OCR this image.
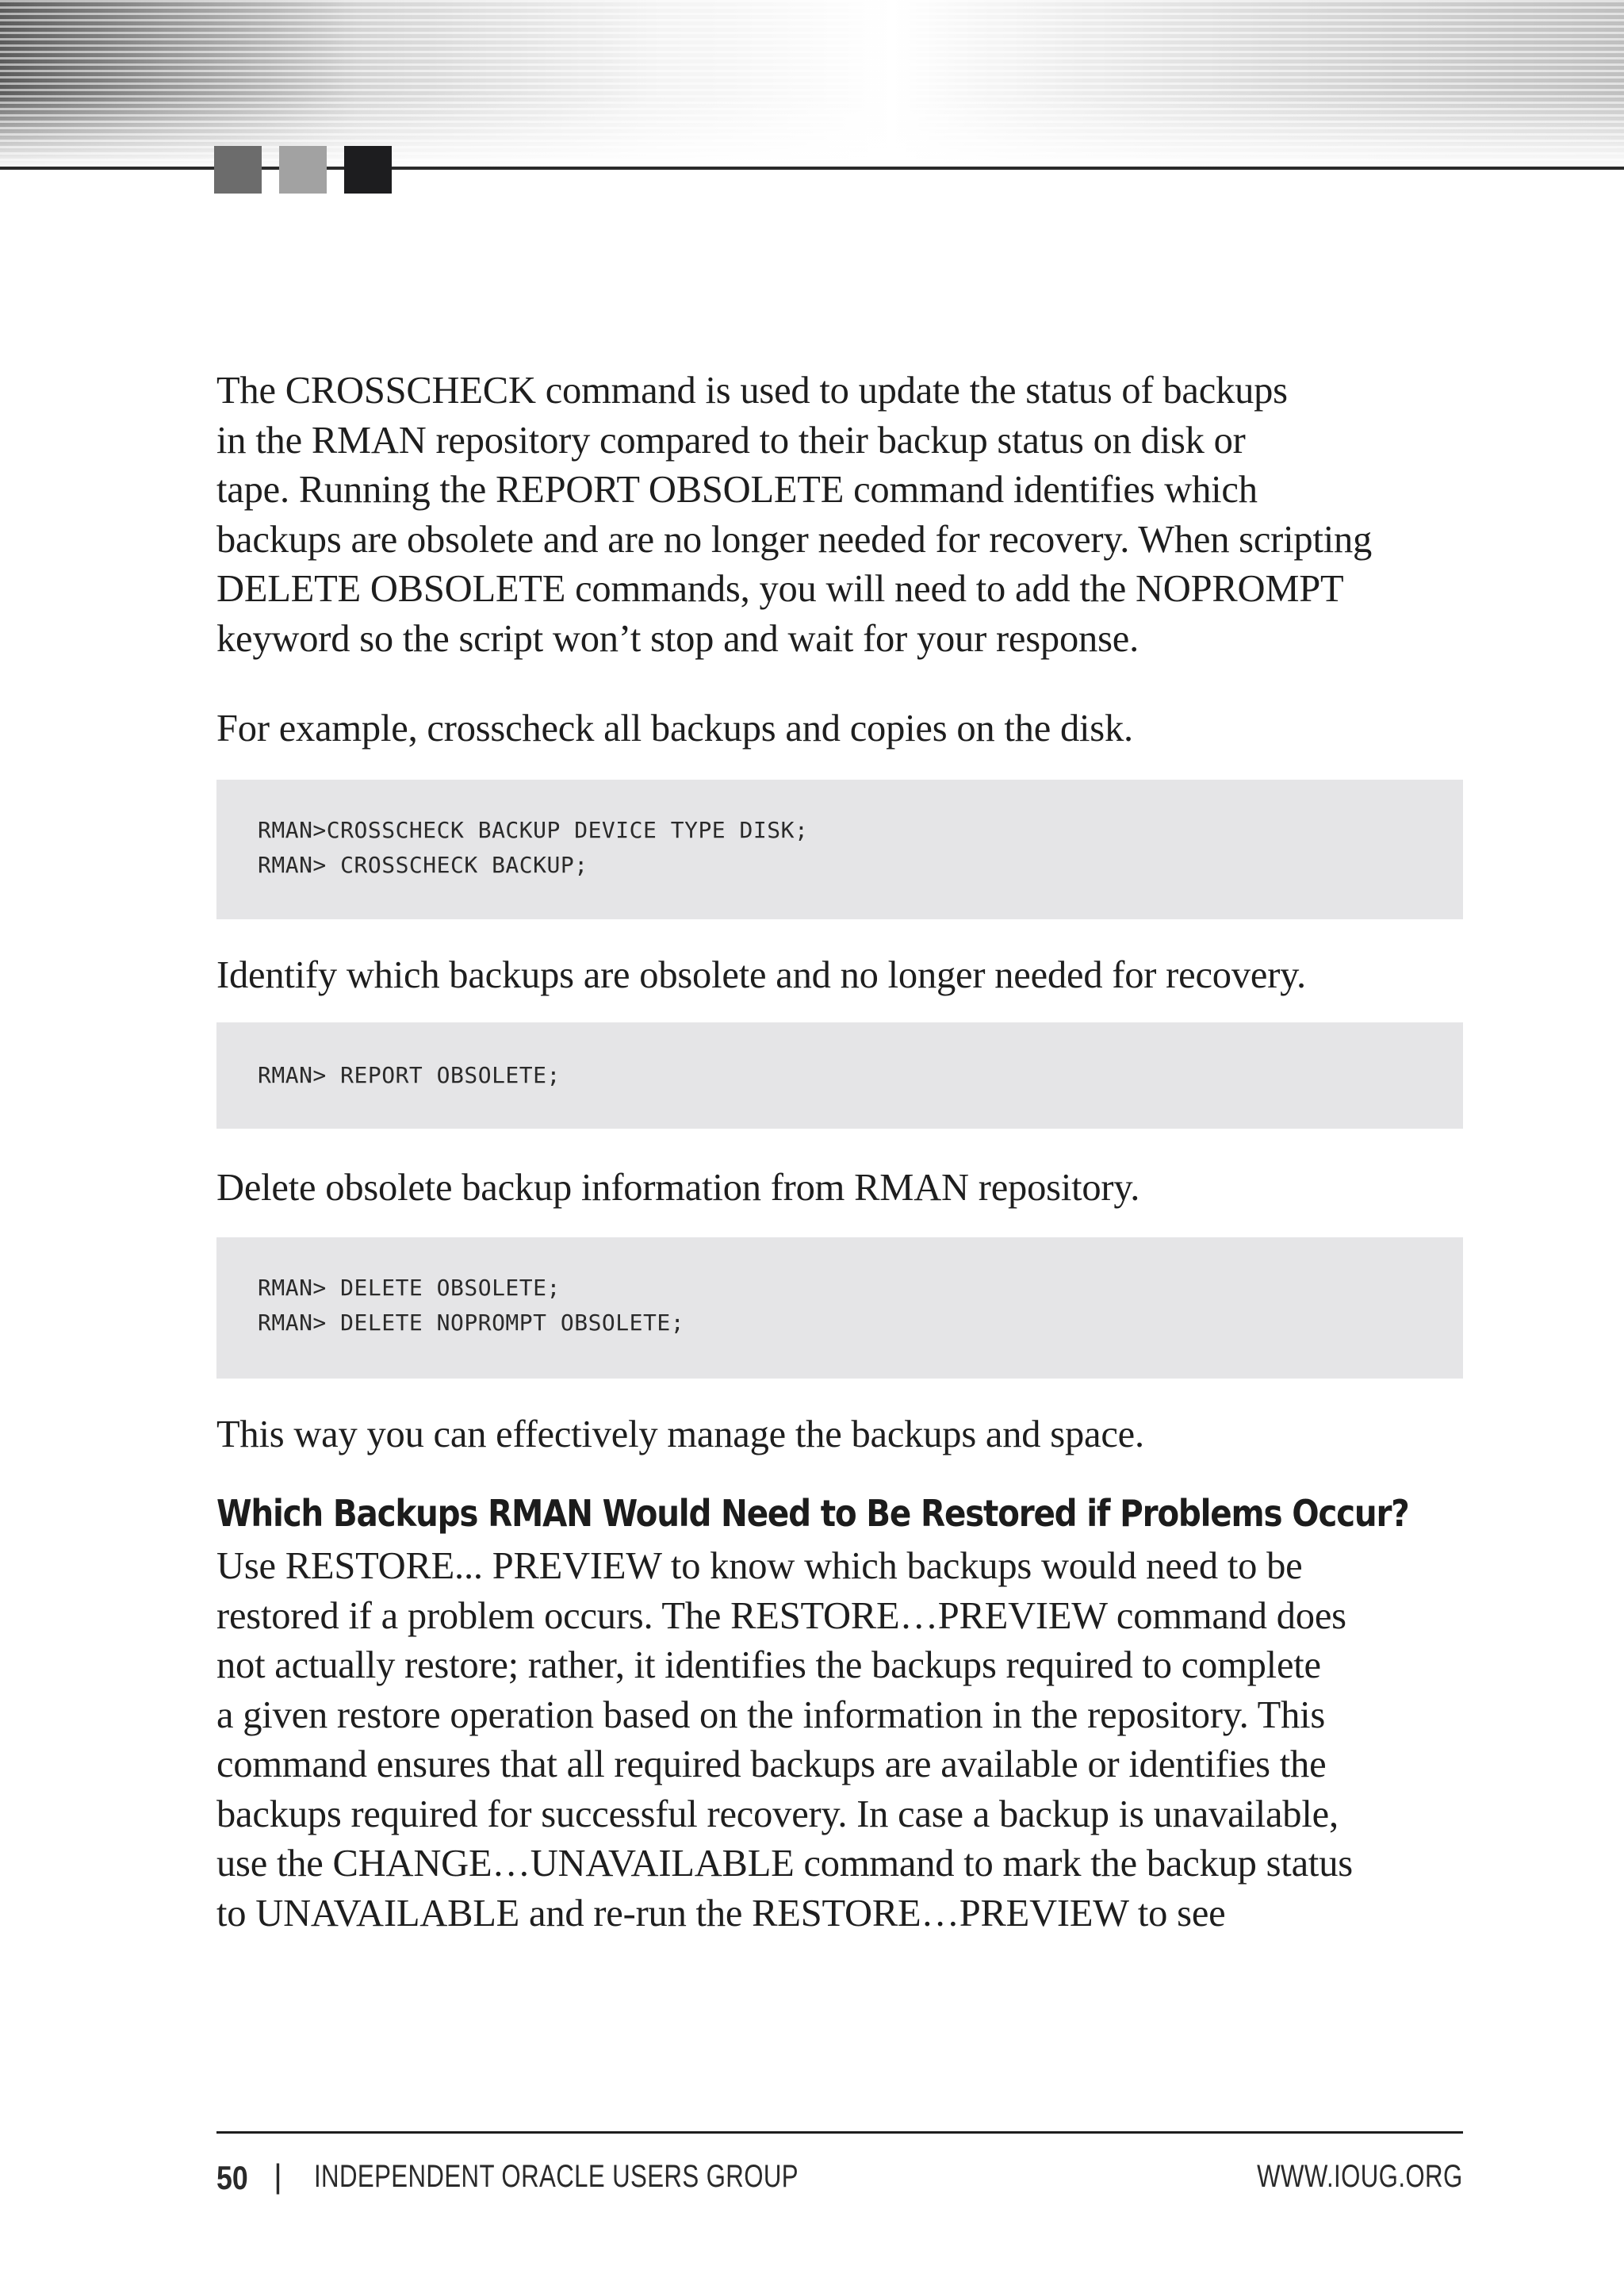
The CROSSCHECK command is used to update the status of backups
in the RMAN repository compared to their backup status on disk or
tape. Running the REPORT OBSOLETE command identifies which
backups are obsolete and are no longer needed for recovery. When scripting
DELETE OBSOLETE commands, you will need to add the NOPROMPT
keyword so the script won’t stop and wait for your response.

For example, crosscheck all backups and copies on the disk.

RMAN>CROSSCHECK BACKUP DEVICE TYPE DISK;
RMAN> CROSSCHECK BACKUP;

Identify which backups are obsolete and no longer needed for recovery.

RMAN> REPORT OBSOLETE;

Delete obsolete backup information from RMAN repository.

RMAN> DELETE OBSOLETE;
RMAN> DELETE NOPROMPT OBSOLETE;

This way you can effectively manage the backups and space.

Which Backups RMAN Would Need to Be Restored if Problems Occur?

Use RESTORE... PREVIEW to know which backups would need to be
restored if a problem occurs. The RESTORE…PREVIEW command does
not actually restore; rather, it identifies the backups required to complete
a given restore operation based on the information in the repository. This
command ensures that all required backups are available or identifies the
backups required for successful recovery. In case a backup is unavailable,
use the CHANGE…UNAVAILABLE command to mark the backup status
to UNAVAILABLE and re-run the RESTORE…PREVIEW to see

50 | INDEPENDENT ORACLE USERS GROUP	WWW.IOUG.ORG
